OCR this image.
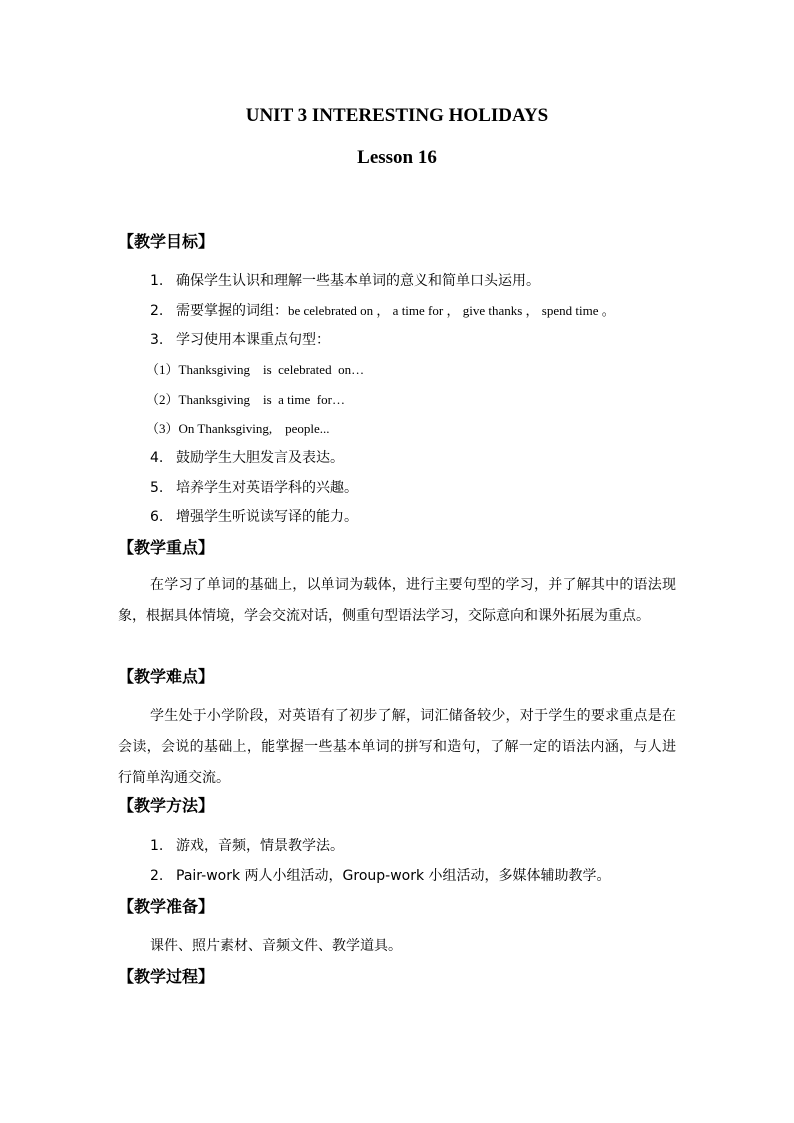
UNIT 3 INTERESTING HOLIDAYS
Lesson 16
【教学目标】
1. 确保学生认识和理解一些基本单词的意义和简单口头运用。
2. 需要掌握的词组：be celebrated on ， a time for ， give thanks ， spend time 。
3. 学习使用本课重点句型：
（1）Thanksgiving    is  celebrated  on…
（2）Thanksgiving    is  a time  for…
（3）On Thanksgiving,    people...
4. 鼓励学生大胆发言及表达。
5. 培养学生对英语学科的兴趣。
6. 增强学生听说读写译的能力。
【教学重点】
在学习了单词的基础上，以单词为载体，进行主要句型的学习，并了解其中的语法现象，根据具体情境，学会交流对话，侧重句型语法学习，交际意向和课外拓展为重点。
【教学难点】
学生处于小学阶段，对英语有了初步了解，词汇储备较少，对于学生的要求重点是在会读，会说的基础上，能掌握一些基本单词的拼写和造句，了解一定的语法内涵，与人进行简单沟通交流。
【教学方法】
1. 游戏，音频，情景教学法。
2. Pair-work 两人小组活动，Group-work 小组活动，多媒体辅助教学。
【教学准备】
课件、照片素材、音频文件、教学道具。
【教学过程】
